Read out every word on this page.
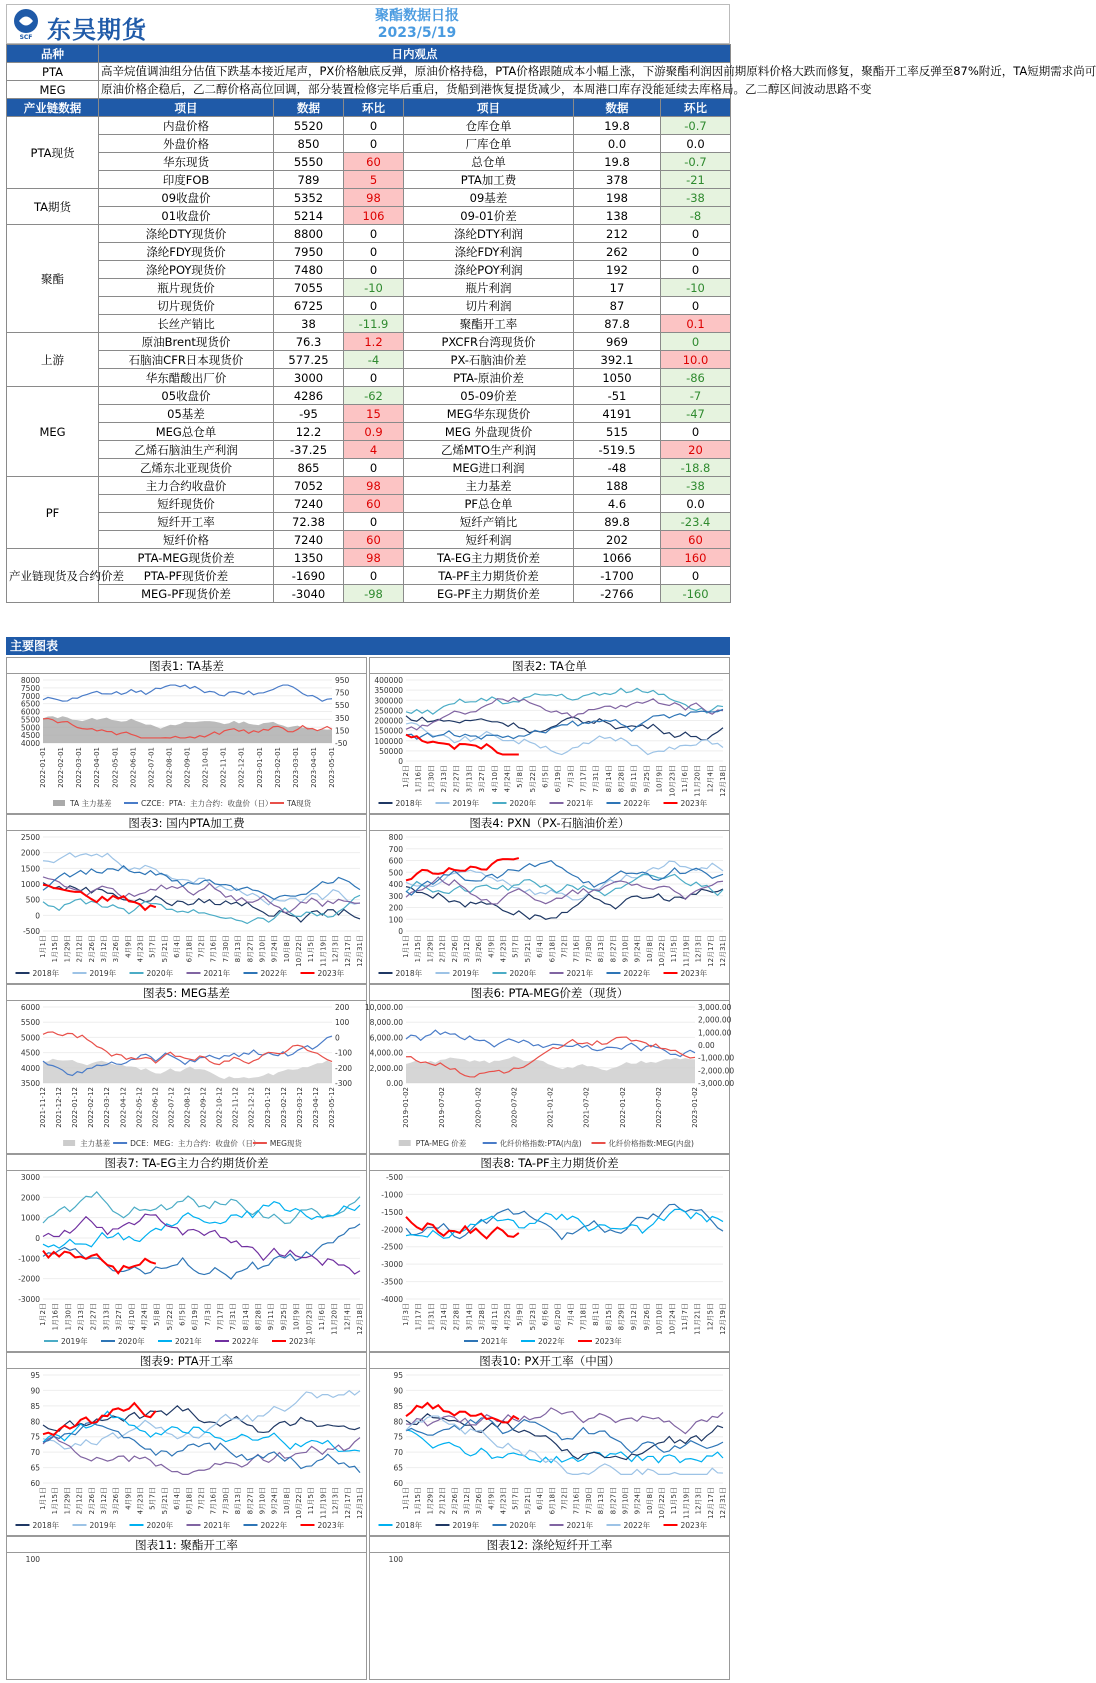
SCF 东吴期货	聚酯数据日报
2023/5/19
品种	日内观点					
PTA	高辛烷值调油组分估值下跌基本接近尾声，PX价格触底反弹，原油价格持稳，PTA价格跟随成本小幅上涨，下游聚酯利润因前期原料价格大跌而修复，聚酯开工率反弹至87%附近，TA短期需求尚可					
MEG	原油价格企稳后，乙二醇价格高位回调，部分装置检修完毕后重启，货船到港恢复提货减少，本周港口库存没能延续去库格局。乙二醇区间波动思路不变					
产业链数据	项目	数据	环比	项目	数据	环比
PTA现货	内盘价格	5520	0	仓库仓单	19.8	-0.7
	外盘价格	850	0	厂库仓单	0.0	0.0
	华东现货	5550	60	总仓单	19.8	-0.7
	印度FOB	789	5	PTA加工费	378	-21
TA期货	09收盘价	5352	98	09基差	198	-38
	01收盘价	5214	106	09-01价差	138	-8
聚酯	涤纶DTY现货价	8800	0	涤纶DTY利润	212	0
	涤纶FDY现货价	7950	0	涤纶FDY利润	262	0
	涤纶POY现货价	7480	0	涤纶POY利润	192	0
	瓶片现货价	7055	-10	瓶片利润	17	-10
	切片现货价	6725	0	切片利润	87	0
	长丝产销比	38	-11.9	聚酯开工率	87.8	0.1
上游	原油Brent现货价	76.3	1.2	PXCFR台湾现货价	969	0
	石脑油CFR日本现货价	577.25	-4	PX-石脑油价差	392.1	10.0
	华东醋酸出厂价	3000	0	PTA-原油价差	1050	-86
MEG	05收盘价	4286	-62	05-09价差	-51	-7
	05基差	-95	15	MEG华东现货价	4191	-47
	MEG总仓单	12.2	0.9	MEG 外盘现货价	515	0
	乙烯石脑油生产利润	-37.25	4	乙烯MTO生产利润	-519.5	20
	乙烯东北亚现货价	865	0	MEG进口利润	-48	-18.8
PF	主力合约收盘价	7052	98	主力基差	188	-38
	短纤现货价	7240	60	PF总仓单	4.6	0.0
	短纤开工率	72.38	0	短纤产销比	89.8	-23.4
	短纤价格	7240	60	短纤利润	202	60
产业链现货及合约价差	PTA-MEG现货价差	1350	98	TA-EG主力期货价差	1066	160
	PTA-PF现货价差	-1690	0	TA-PF主力期货价差	-1700	0
	MEG-PF现货价差	-3040	-98	EG-PF主力期货价差	-2766	-160
主要图表
图表1: TA基差
8000
7500
7000
6500
6000
5500
5000
4500
4000
950
750
550
350
150
-50
2022-01-01 2022-02-01 2022-03-01 2022-04-01 2022-05-01 2022-06-01 2022-07-01 2022-08-01 2022-09-01 2022-10-01 2022-11-01 2022-12-01 2023-01-01 2023-02-01 2023-03-01 2023-04-01 2023-05-01
TA 主力基差	CZCE：PTA：主力合约：收盘价（日） TA现货
图表2: TA仓单
400000
350000
300000
250000
200000
150000
100000
50000
0
1月2日 1月16日 1月30日 2月13日 2月27日 3月13日 3月27日 4月10日 4月24日 5月8日 5月22日 6月5日 6月19日 7月3日 7月17日 7月31日 8月14日 8月28日 9月11日 9月25日 10月9日 10月23日 11月6日 11月20日 12月4日 12月18日
2018年	2019年	2020年	2021年	2022年	2023年
图表3: 国内PTA加工费
2500
2000
1500
1000
500
0
-500
1月1日 1月15日 1月29日 2月12日 2月26日 3月12日 3月26日 4月9日 4月23日 5月7日 5月21日 6月4日 6月18日 7月2日 7月16日 7月30日 8月13日 8月27日 9月10日 9月24日 10月8日 10月22日 11月5日 11月19日 12月3日 12月17日 12月31日
2018年	2019年	2020年	2021年	2022年	2023年
图表4: PXN（PX-石脑油价差）
800
700
600
500
400
300
200
100
0
1月1日 1月15日 1月29日 2月12日 2月26日 3月12日 3月26日 4月9日 4月23日 5月7日 5月21日 6月4日 6月18日 7月2日 7月16日 7月30日 8月13日 8月27日 9月10日 9月24日 10月8日 10月22日 11月5日 11月19日 12月3日 12月17日 12月31日
2018年	2019年	2020年	2021年	2022年	2023年
图表5: MEG基差
6000
5500
5000
4500
4000
3500
200
100
0
-100
-200
-300
2021-11-12 2021-12-12 2022-01-12 2022-02-12 2022-03-12 2022-04-12 2022-05-12 2022-06-12 2022-07-12 2022-08-12 2022-09-12 2022-10-12 2022-11-12 2022-12-12 2023-01-12 2023-02-12 2023-03-12 2023-04-12 2023-05-12
主力基差	DCE：MEG：主力合约：收盘价（日） MEG现货
图表6: PTA-MEG价差（现货）
10,000.00
8,000.00
6,000.00
4,000.00
2,000.00
0.00
3,000.00
2,000.00
1,000.00
0.00
-1,000.00
-2,000.00
-3,000.00
2019-01-02	2019-07-02	2020-01-02	2020-07-02	2021-01-02	2021-07-02	2022-01-02	2022-07-02	2023-01-02
PTA-MEG 价差	化纤价格指数:PTA(内盘)	化纤价格指数:MEG(内盘)
图表7: TA-EG主力合约期货价差
3000
2000
1000
0
-1000
-2000
-3000
1月2日 1月16日 1月30日 2月13日 2月27日 3月13日 3月27日 4月10日 4月24日 5月8日 5月22日 6月5日 6月19日 7月3日 7月17日 7月31日 8月14日 8月28日 9月11日 9月25日 10月9日 10月23日 11月6日 11月20日 12月4日 12月18日
2019年	2020年	2021年	2022年	2023年
图表8: TA-PF主力期货价差
-500
-1000
-1500
-2000
-2500
-3000
-3500
-4000
1月3日 1月17日 1月31日 2月14日 2月28日 3月14日 3月28日 4月11日 4月25日 5月9日 5月23日 6月6日 6月20日 7月4日 7月18日 8月1日 8月15日 8月29日 9月12日 9月26日 10月10日 10月24日 11月7日 11月21日 12月5日 12月19日
2021年	2022年	2023年
图表9: PTA开工率
95
90
85
80
75
70
65
60
1月1日 1月15日 1月29日 2月12日 2月26日 3月12日 3月26日 4月9日 4月23日 5月7日 5月21日 6月4日 6月18日 7月2日 7月16日 7月30日 8月13日 8月27日 9月10日 9月24日 10月8日 10月22日 11月5日 11月19日 12月3日 12月17日 12月31日
2018年	2019年	2020年	2021年	2022年	2023年
图表10: PX开工率（中国）
95
90
85
80
75
70
65
60
1月1日 1月15日 1月29日 2月12日 2月26日 3月12日 3月26日 4月9日 4月23日 5月7日 5月21日 6月4日 6月18日 7月2日 7月16日 7月30日 8月13日 8月27日 9月10日 9月24日 10月8日 10月22日 11月5日 11月19日 12月3日 12月17日 12月31日
2018年	2019年	2020年	2021年	2022年	2023年
图表11: 聚酯开工率
100
图表12: 涤纶短纤开工率
100
